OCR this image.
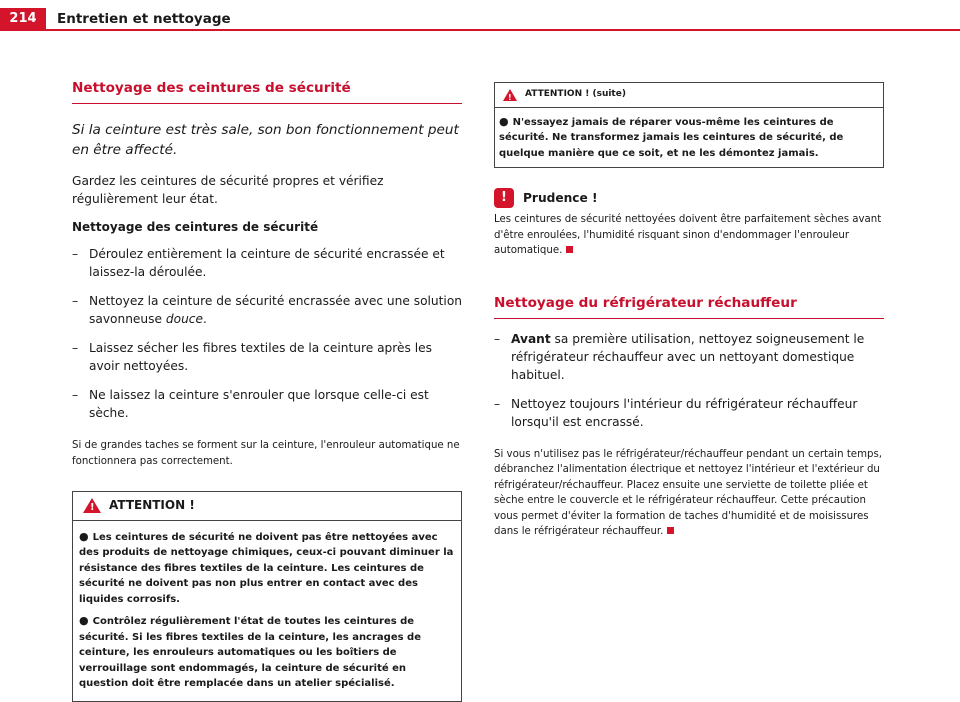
214	Entretien et nettoyage
Nettoyage des ceintures de sécurité
Si la ceinture est très sale, son bon fonctionnement peut en être affecté.
Gardez les ceintures de sécurité propres et vérifiez régulièrement leur état.
Nettoyage des ceintures de sécurité
– Déroulez entièrement la ceinture de sécurité encrassée et laissez-la déroulée.
– Nettoyez la ceinture de sécurité encrassée avec une solution savonneuse douce.
– Laissez sécher les fibres textiles de la ceinture après les avoir nettoyées.
– Ne laissez la ceinture s'enrouler que lorsque celle-ci est sèche.
Si de grandes taches se forment sur la ceinture, l'enrouleur automatique ne fonctionnera pas correctement.
!
ATTENTION !
● Les ceintures de sécurité ne doivent pas être nettoyées avec des produits de nettoyage chimiques, ceux-ci pouvant diminuer la résistance des fibres textiles de la ceinture. Les ceintures de sécurité ne doivent pas non plus entrer en contact avec des liquides corrosifs.
● Contrôlez régulièrement l'état de toutes les ceintures de sécurité. Si les fibres textiles de la ceinture, les ancrages de ceinture, les enrouleurs automatiques ou les boîtiers de verrouillage sont endommagés, la ceinture de sécurité en question doit être remplacée dans un atelier spécialisé.
!
ATTENTION ! (suite)
● N'essayez jamais de réparer vous-même les ceintures de sécurité. Ne transformez jamais les ceintures de sécurité, de quelque manière que ce soit, et ne les démontez jamais.
!	Prudence !
Les ceintures de sécurité nettoyées doivent être parfaitement sèches avant d'être enroulées, l'humidité risquant sinon d'endommager l'enrouleur automatique.
Nettoyage du réfrigérateur réchauffeur
– Avant sa première utilisation, nettoyez soigneusement le réfrigérateur réchauffeur avec un nettoyant domestique habituel.
– Nettoyez toujours l'intérieur du réfrigérateur réchauffeur lorsqu'il est encrassé.
Si vous n'utilisez pas le réfrigérateur/réchauffeur pendant un certain temps, débranchez l'alimentation électrique et nettoyez l'intérieur et l'extérieur du réfrigérateur/réchauffeur. Placez ensuite une serviette de toilette pliée et sèche entre le couvercle et le réfrigérateur réchauffeur. Cette précaution vous permet d'éviter la formation de taches d'humidité et de moisissures dans le réfrigérateur réchauffeur.
